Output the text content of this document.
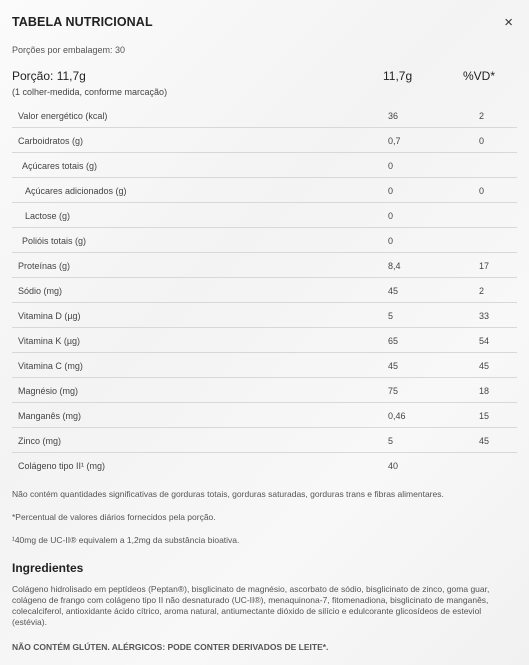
TABELA NUTRICIONAL	×
Porções por embalagem: 30
Porção: 11,7g	11,7g	%VD*
(1 colher-medida, conforme marcação)
Valor energético (kcal)	36	2
Carboidratos (g)	0,7	0
Açúcares totais (g)	0
Açúcares adicionados (g)	0	0
Lactose (g)	0
Polióis totais (g)	0
Proteínas (g)	8,4	17
Sódio (mg)	45	2
Vitamina D (µg)	5	33
Vitamina K (µg)	65	54
Vitamina C (mg)	45	45
Magnésio (mg)	75	18
Manganês (mg)	0,46	15
Zinco (mg)	5	45
Colágeno tipo II¹ (mg)	40
Não contém quantidades significativas de gorduras totais, gorduras saturadas, gorduras trans e fibras alimentares.
*Percentual de valores diários fornecidos pela porção.
¹40mg de UC-II® equivalem a 1,2mg da substância bioativa.
Ingredientes
Colágeno hidrolisado em peptídeos (Peptan®), bisglicinato de magnésio, ascorbato de sódio, bisglicinato de zinco, goma guar, colágeno de frango com colágeno tipo II não desnaturado (UC-II®), menaquinona-7, fitomenadiona, bisglicinato de manganês, colecalciferol, antioxidante ácido cítrico, aroma natural, antiumectante dióxido de silício e edulcorante glicosídeos de esteviol (estévia).
NÃO CONTÉM GLÚTEN. ALÉRGICOS: PODE CONTER DERIVADOS DE LEITE*.
